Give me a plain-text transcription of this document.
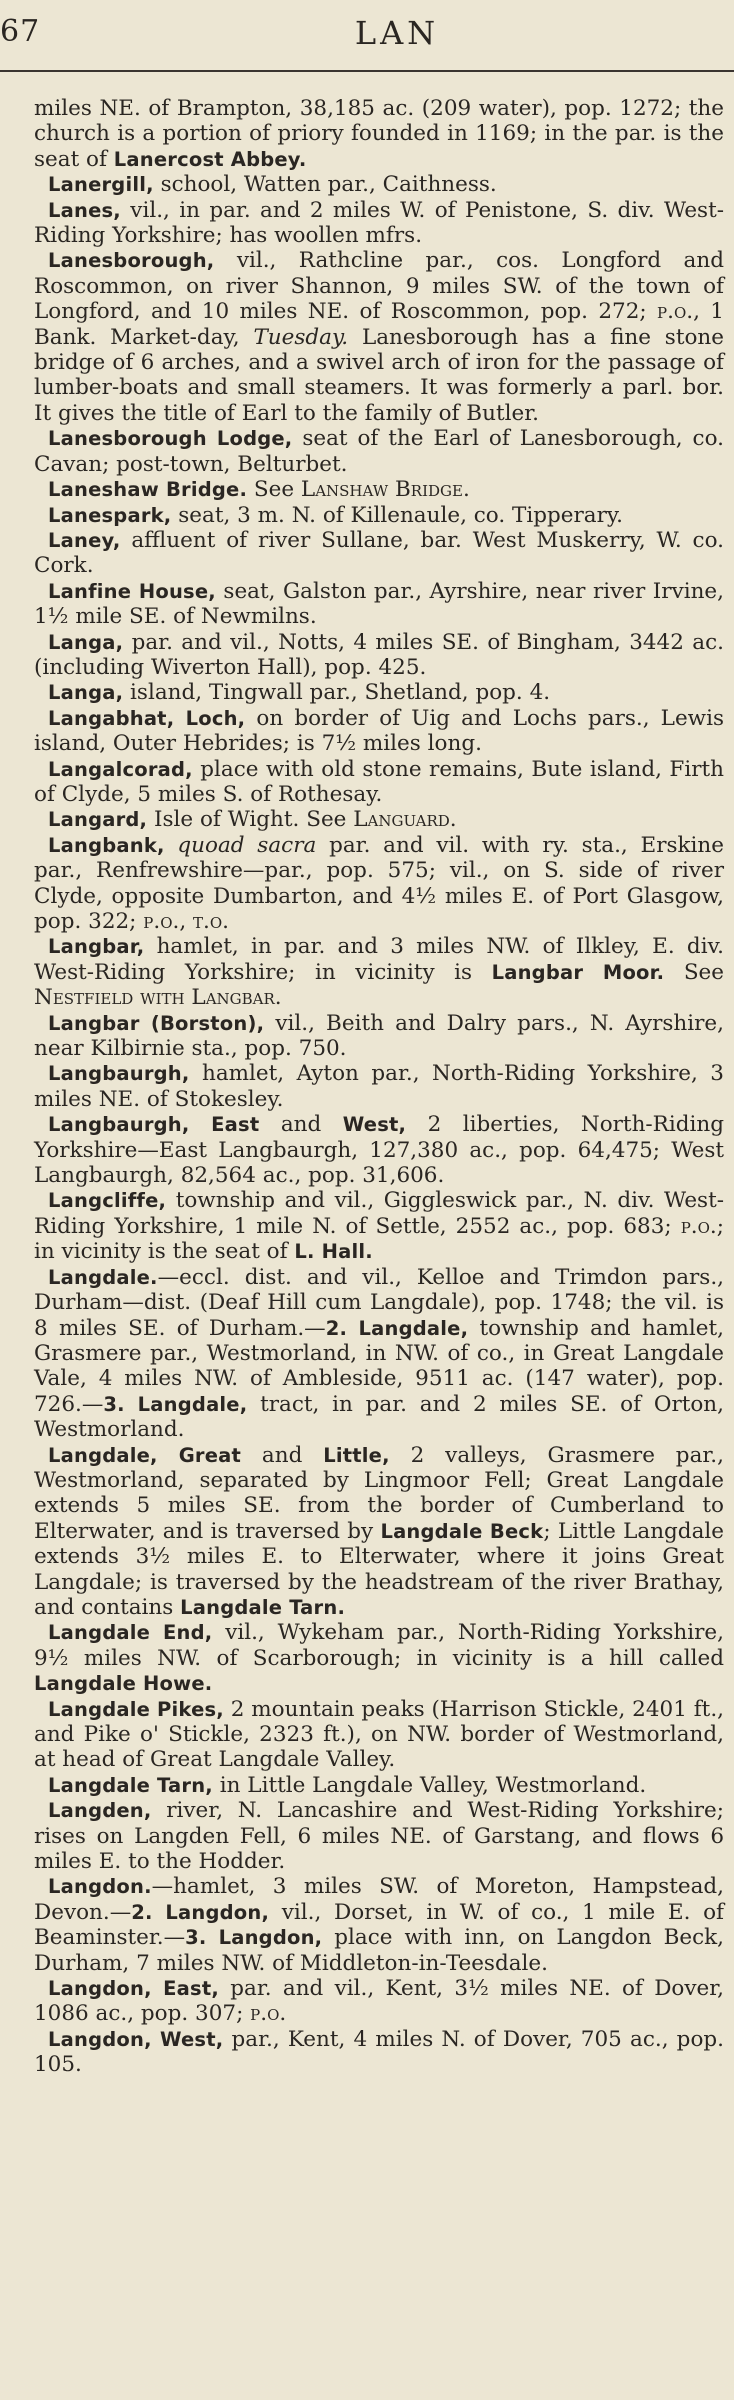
67	LAN

miles NE. of Brampton, 38,185 ac. (209 water), pop. 1272; the church is a portion of priory founded in 1169; in the par. is the seat of Lanercost Abbey.

Lanergill, school, Watten par., Caithness.

Lanes, vil., in par. and 2 miles W. of Penistone, S. div. West-Riding Yorkshire; has woollen mfrs.

Lanesborough, vil., Rathcline par., cos. Longford and Roscommon, on river Shannon, 9 miles SW. of the town of Longford, and 10 miles NE. of Roscommon, pop. 272; p.o., 1 Bank. Market-day, Tuesday. Lanesborough has a fine stone bridge of 6 arches, and a swivel arch of iron for the passage of lumber-boats and small steamers. It was formerly a parl. bor. It gives the title of Earl to the family of Butler.

Lanesborough Lodge, seat of the Earl of Lanesborough, co. Cavan; post-town, Belturbet.

Laneshaw Bridge. See Lanshaw Bridge.

Lanespark, seat, 3 m. N. of Killenaule, co. Tipperary.

Laney, affluent of river Sullane, bar. West Muskerry, W. co. Cork.

Lanfine House, seat, Galston par., Ayrshire, near river Irvine, 1½ mile SE. of Newmilns.

Langa, par. and vil., Notts, 4 miles SE. of Bingham, 3442 ac. (including Wiverton Hall), pop. 425.

Langa, island, Tingwall par., Shetland, pop. 4.

Langabhat, Loch, on border of Uig and Lochs pars., Lewis island, Outer Hebrides; is 7½ miles long.

Langalcorad, place with old stone remains, Bute island, Firth of Clyde, 5 miles S. of Rothesay.

Langard, Isle of Wight. See Languard.

Langbank, quoad sacra par. and vil. with ry. sta., Erskine par., Renfrewshire—par., pop. 575; vil., on S. side of river Clyde, opposite Dumbarton, and 4½ miles E. of Port Glasgow, pop. 322; p.o., t.o.

Langbar, hamlet, in par. and 3 miles NW. of Ilkley, E. div. West-Riding Yorkshire; in vicinity is Langbar Moor. See Nestfield with Langbar.

Langbar (Borston), vil., Beith and Dalry pars., N. Ayrshire, near Kilbirnie sta., pop. 750.

Langbaurgh, hamlet, Ayton par., North-Riding Yorkshire, 3 miles NE. of Stokesley.

Langbaurgh, East and West, 2 liberties, North-Riding Yorkshire—East Langbaurgh, 127,380 ac., pop. 64,475; West Langbaurgh, 82,564 ac., pop. 31,606.

Langcliffe, township and vil., Giggleswick par., N. div. West-Riding Yorkshire, 1 mile N. of Settle, 2552 ac., pop. 683; p.o.; in vicinity is the seat of L. Hall.

Langdale.—eccl. dist. and vil., Kelloe and Trimdon pars., Durham—dist. (Deaf Hill cum Langdale), pop. 1748; the vil. is 8 miles SE. of Durham.—2. Langdale, township and hamlet, Grasmere par., Westmorland, in NW. of co., in Great Langdale Vale, 4 miles NW. of Ambleside, 9511 ac. (147 water), pop. 726.—3. Langdale, tract, in par. and 2 miles SE. of Orton, Westmorland.

Langdale, Great and Little, 2 valleys, Grasmere par., Westmorland, separated by Lingmoor Fell; Great Langdale extends 5 miles SE. from the border of Cumberland to Elterwater, and is traversed by Langdale Beck; Little Langdale extends 3½ miles E. to Elterwater, where it joins Great Langdale; is traversed by the headstream of the river Brathay, and contains Langdale Tarn.

Langdale End, vil., Wykeham par., North-Riding Yorkshire, 9½ miles NW. of Scarborough; in vicinity is a hill called Langdale Howe.

Langdale Pikes, 2 mountain peaks (Harrison Stickle, 2401 ft., and Pike o' Stickle, 2323 ft.), on NW. border of Westmorland, at head of Great Langdale Valley.

Langdale Tarn, in Little Langdale Valley, Westmorland.

Langden, river, N. Lancashire and West-Riding Yorkshire; rises on Langden Fell, 6 miles NE. of Garstang, and flows 6 miles E. to the Hodder.

Langdon.—hamlet, 3 miles SW. of Moreton, Hampstead, Devon.—2. Langdon, vil., Dorset, in W. of co., 1 mile E. of Beaminster.—3. Langdon, place with inn, on Langdon Beck, Durham, 7 miles NW. of Middleton-in-Teesdale.

Langdon, East, par. and vil., Kent, 3½ miles NE. of Dover, 1086 ac., pop. 307; p.o.

Langdon, West, par., Kent, 4 miles N. of Dover, 705 ac., pop. 105.
